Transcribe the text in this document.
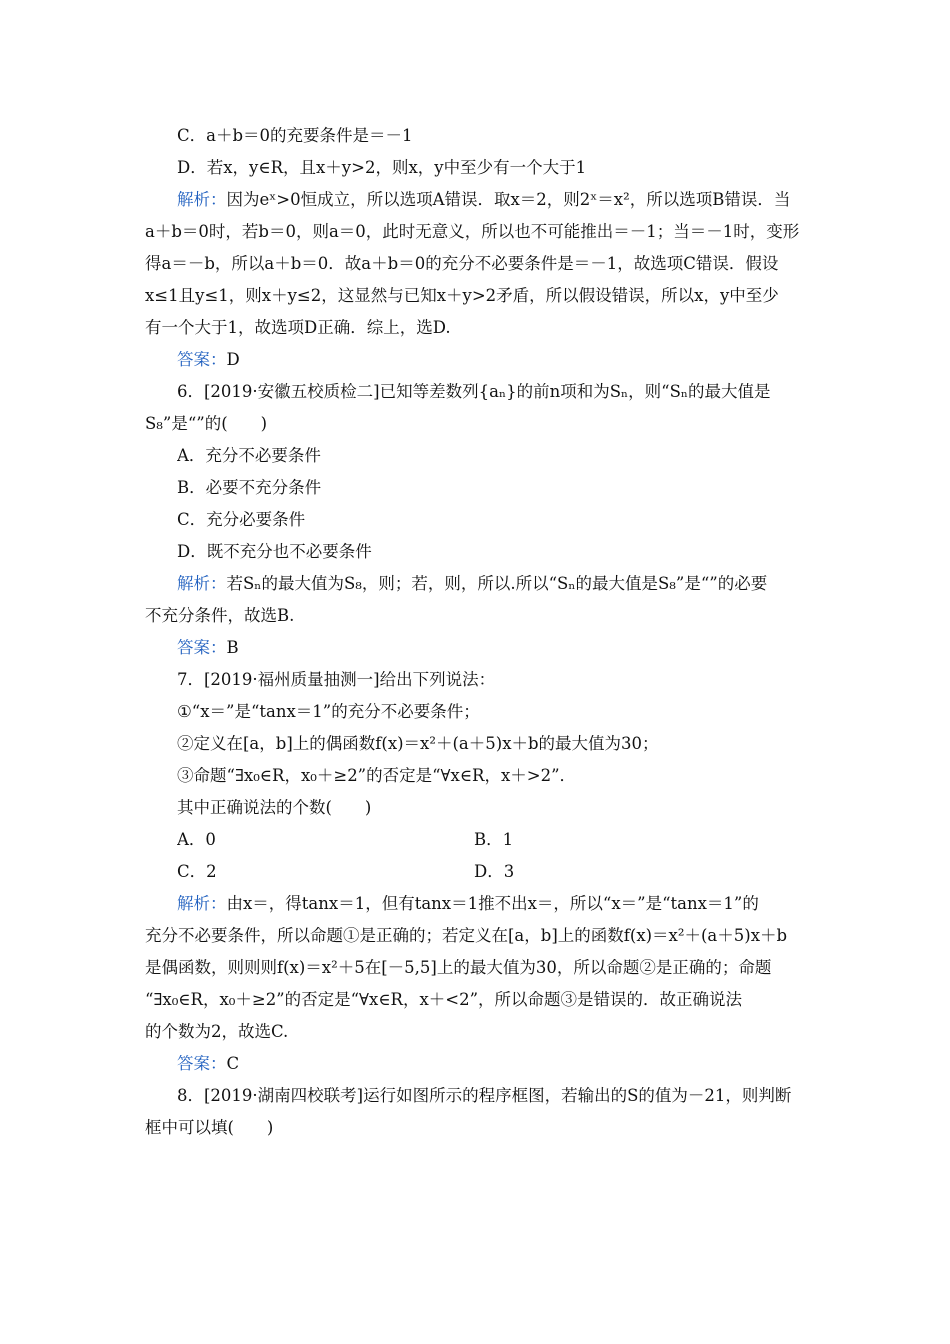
C．a＋b＝0的充要条件是＝－1
D．若x，y∈R，且x＋y>2，则x，y中至少有一个大于1
解析：因为eˣ>0恒成立，所以选项A错误．取x＝2，则2ˣ＝x²，所以选项B错误．当
a＋b＝0时，若b＝0，则a＝0，此时无意义，所以也不可能推出＝－1；当＝－1时，变形
得a＝－b，所以a＋b＝0．故a＋b＝0的充分不必要条件是＝－1，故选项C错误．假设
x≤1且y≤1，则x＋y≤2，这显然与已知x＋y>2矛盾，所以假设错误，所以x，y中至少
有一个大于1，故选项D正确．综上，选D.
答案：D
6．[2019·安徽五校质检二]已知等差数列{aₙ}的前n项和为Sₙ，则“Sₙ的最大值是
S₈”是“”的(　　)
A．充分不必要条件
B．必要不充分条件
C．充分必要条件
D．既不充分也不必要条件
解析：若Sₙ的最大值为S₈，则；若，则，所以.所以“Sₙ的最大值是S₈”是“”的必要
不充分条件，故选B.
答案：B
7．[2019·福州质量抽测一]给出下列说法：
①“x＝”是“tanx＝1”的充分不必要条件；
②定义在[a，b]上的偶函数f(x)＝x²＋(a＋5)x＋b的最大值为30；
③命题“∃x₀∈R，x₀＋≥2”的否定是“∀x∈R，x＋>2”．
其中正确说法的个数(　　)
A．0	B．1
C．2	D．3
解析：由x＝，得tanx＝1，但有tanx＝1推不出x＝，所以“x＝”是“tanx＝1”的
充分不必要条件，所以命题①是正确的；若定义在[a，b]上的函数f(x)＝x²＋(a＋5)x＋b
是偶函数，则则则f(x)＝x²＋5在[－5,5]上的最大值为30，所以命题②是正确的；命题
“∃x₀∈R，x₀＋≥2”的否定是“∀x∈R，x＋<2”，所以命题③是错误的．故正确说法
的个数为2，故选C.
答案：C
8．[2019·湖南四校联考]运行如图所示的程序框图，若输出的S的值为－21，则判断
框中可以填(　　)
